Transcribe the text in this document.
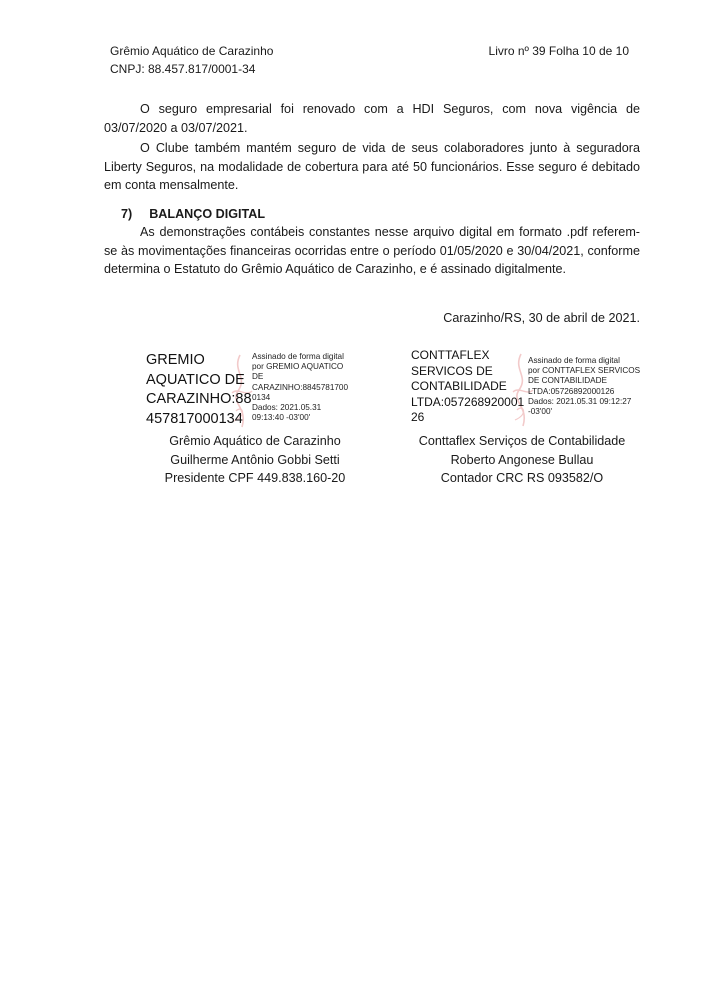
Grêmio Aquático de Carazinho
CNPJ: 88.457.817/0001-34
Livro nº 39 Folha 10 de 10
O seguro empresarial foi renovado com a HDI Seguros, com nova vigência de 03/07/2020 a 03/07/2021.
O Clube também mantém seguro de vida de seus colaboradores junto à seguradora Liberty Seguros, na modalidade de cobertura para até 50 funcionários. Esse seguro é debitado em conta mensalmente.
7) BALANÇO DIGITAL
As demonstrações contábeis constantes nesse arquivo digital em formato .pdf referem-se às movimentações financeiras ocorridas entre o período 01/05/2020 e 30/04/2021, conforme determina o Estatuto do Grêmio Aquático de Carazinho, e é assinado digitalmente.
Carazinho/RS, 30 de abril de 2021.
GREMIO
AQUATICO DE
CARAZINHO:88
457817000134
Assinado de forma digital
por GREMIO AQUATICO
DE
CARAZINHO:8845781700
0134
Dados: 2021.05.31
09:13:40 -03'00'
Grêmio Aquático de Carazinho
Guilherme Antônio Gobbi Setti
Presidente CPF 449.838.160-20
CONTTAFLEX
SERVICOS DE
CONTABILIDADE
LTDA:057268920001
26
Assinado de forma digital
por CONTTAFLEX SERVICOS
DE CONTABILIDADE
LTDA:05726892000126
Dados: 2021.05.31 09:12:27
-03'00'
Conttaflex Serviços de Contabilidade
Roberto Angonese Bullau
Contador CRC RS 093582/O
